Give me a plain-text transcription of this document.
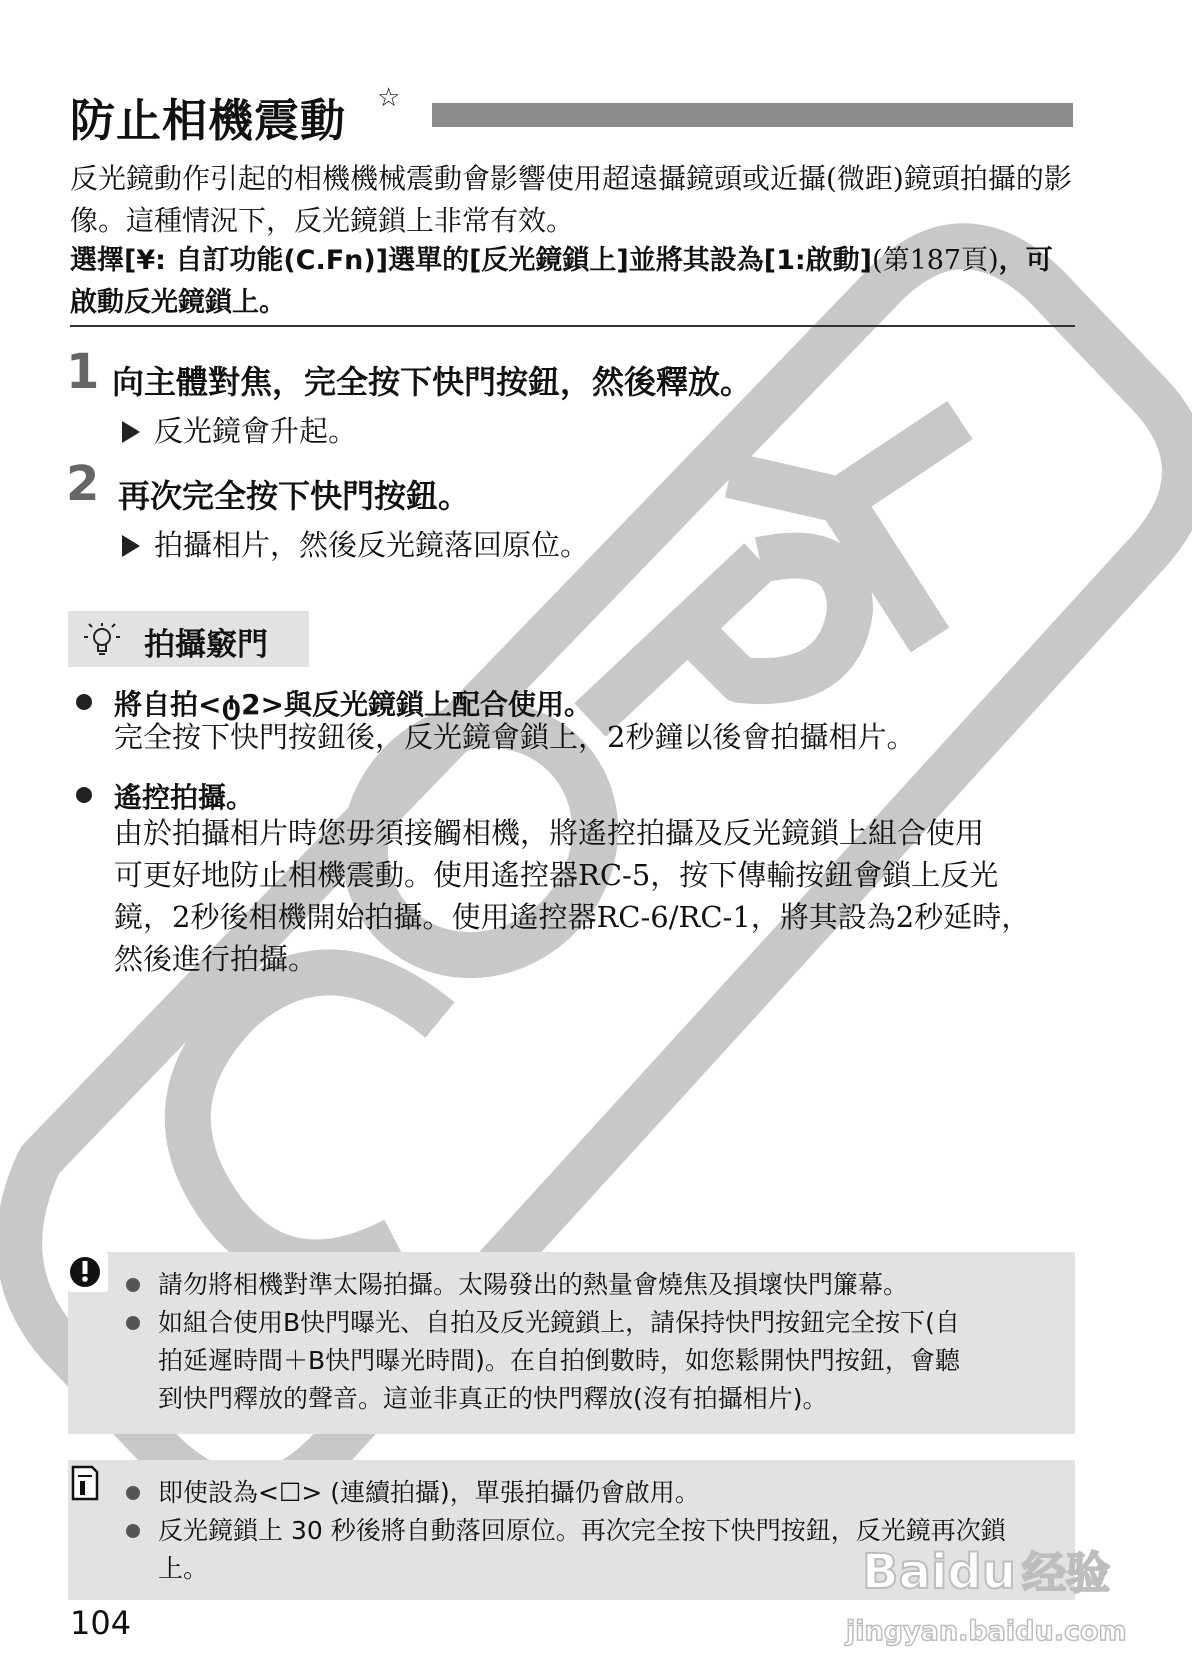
防止相機震動 ☆
反光鏡動作引起的相機機械震動會影響使用超遠攝鏡頭或近攝(微距)鏡頭拍攝的影像。這種情況下，反光鏡鎖上非常有效。
選擇[¥: 自訂功能(C.Fn)]選單的[反光鏡鎖上]並將其設為[1:啟動](第187頁)，可啟動反光鏡鎖上。
1 向主體對焦，完全按下快門按鈕，然後釋放。
反光鏡會升起。
2 再次完全按下快門按鈕。
拍攝相片，然後反光鏡落回原位。
拍攝竅門
將自拍<ტ2>與反光鏡鎖上配合使用。
完全按下快門按鈕後，反光鏡會鎖上，2秒鐘以後會拍攝相片。
遙控拍攝。
由於拍攝相片時您毋須接觸相機，將遙控拍攝及反光鏡鎖上組合使用
可更好地防止相機震動。使用遙控器RC-5，按下傳輸按鈕會鎖上反光
鏡，2秒後相機開始拍攝。使用遙控器RC-6/RC-1，將其設為2秒延時，
然後進行拍攝。
請勿將相機對準太陽拍攝。太陽發出的熱量會燒焦及損壞快門簾幕。
如組合使用B快門曝光、自拍及反光鏡鎖上，請保持快門按鈕完全按下(自
拍延遲時間＋B快門曝光時間)。在自拍倒數時，如您鬆開快門按鈕，會聽
到快門釋放的聲音。這並非真正的快門釋放(沒有拍攝相片)。
即使設為<☐> (連續拍攝)，單張拍攝仍會啟用。
反光鏡鎖上 30 秒後將自動落回原位。再次完全按下快門按鈕，反光鏡再次鎖
上。
104
Baidu 经验
jingyan.baidu.com
